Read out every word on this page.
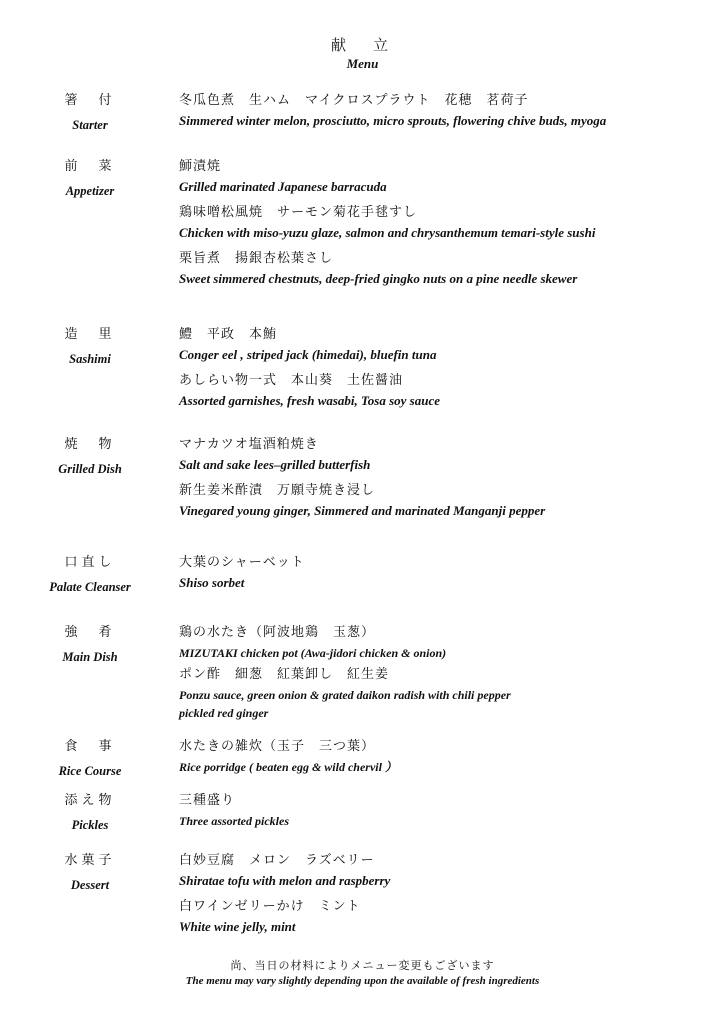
献　立
Menu
箸　付
Starter
冬瓜色煮　生ハム　マイクロスプラウト　花穂　茗荷子
Simmered winter melon, prosciutto, micro sprouts, flowering chive buds, myoga
前　菜
Appetizer
魳漬焼
Grilled marinated Japanese barracuda
鶏味噌松風焼　サーモン菊花手毬すし
Chicken with miso-yuzu glaze, salmon and chrysanthemum temari-style sushi
栗旨煮　揚銀杏松葉さし
Sweet simmered chestnuts, deep-fried gingko nuts on a pine needle skewer
造　里
Sashimi
鱧　平政　本鮪
Conger eel , striped jack (himedai), bluefin tuna
あしらい物一式　本山葵　土佐醤油
Assorted garnishes, fresh wasabi, Tosa soy sauce
焼　物
Grilled Dish
マナカツオ塩酒粕焼き
Salt and sake lees–grilled butterfish
新生姜米酢漬　万願寺焼き浸し
Vinegared young ginger, Simmered and marinated Manganji pepper
口直し
Palate Cleanser
大葉のシャーベット
Shiso sorbet
強　肴
Main Dish
鶏の水たき（阿波地鶏　玉葱）
MIZUTAKI chicken pot (Awa-jidori chicken & onion)
ポン酢　細葱　紅葉卸し　紅生姜
Ponzu sauce, green onion & grated daikon radish with chili pepper
pickled red ginger
食　事
Rice Course
水たきの雑炊（玉子　三つ葉）
Rice porridge ( beaten egg & wild chervil ）
添え物
Pickles
三種盛り
Three assorted pickles
水菓子
Dessert
白妙豆腐　メロン　ラズベリー
Shiratae tofu with melon and raspberry
白ワインゼリーかけ　ミント
White wine jelly, mint
尚、当日の材料によりメニュー変更もございます
The menu may vary slightly depending upon the available of fresh ingredients
